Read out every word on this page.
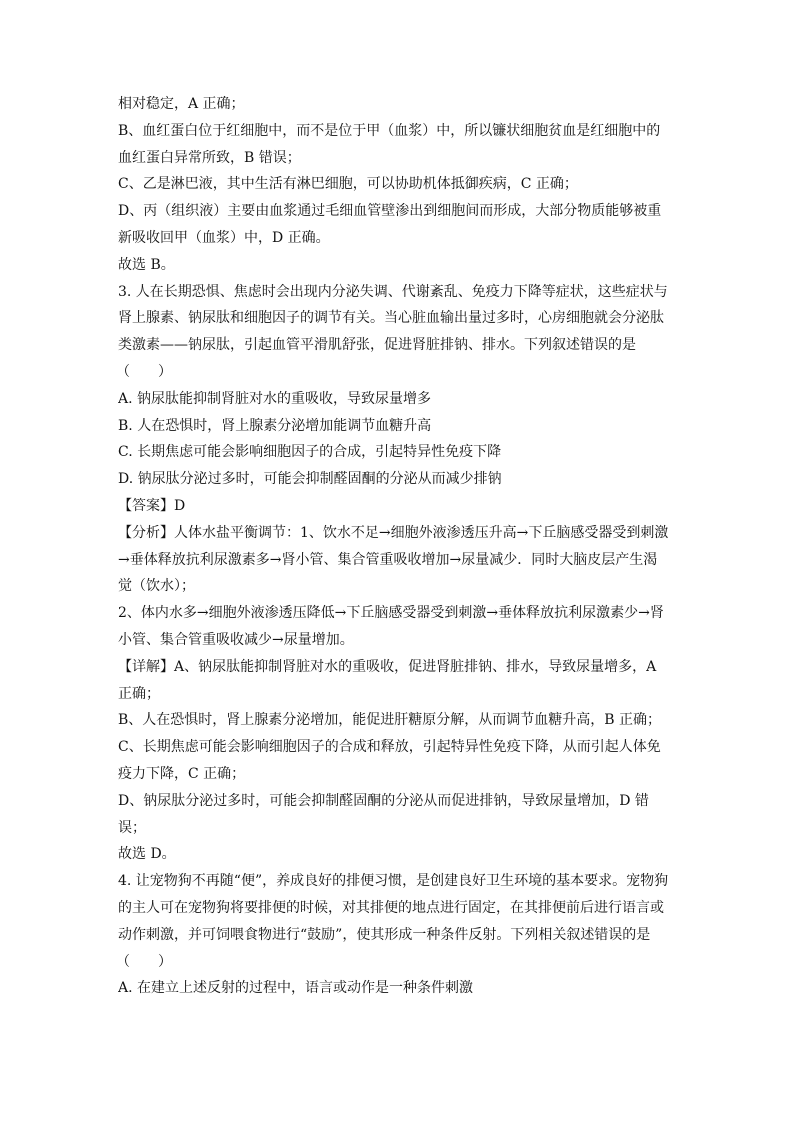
相对稳定，A 正确；
B、血红蛋白位于红细胞中，而不是位于甲（血浆）中，所以镰状细胞贫血是红细胞中的
血红蛋白异常所致，B 错误；
C、乙是淋巴液，其中生活有淋巴细胞，可以协助机体抵御疾病，C 正确；
D、丙（组织液）主要由血浆通过毛细血管壁渗出到细胞间而形成，大部分物质能够被重
新吸收回甲（血浆）中，D 正确。
故选 B。
3. 人在长期恐惧、焦虑时会出现内分泌失调、代谢紊乱、免疫力下降等症状，这些症状与
肾上腺素、钠尿肽和细胞因子的调节有关。当心脏血输出量过多时，心房细胞就会分泌肽
类激素——钠尿肽，引起血管平滑肌舒张，促进肾脏排钠、排水。下列叙述错误的是
（　　）
A. 钠尿肽能抑制肾脏对水的重吸收，导致尿量增多
B. 人在恐惧时，肾上腺素分泌增加能调节血糖升高
C. 长期焦虑可能会影响细胞因子的合成，引起特异性免疫下降
D. 钠尿肽分泌过多时，可能会抑制醛固酮的分泌从而减少排钠
【答案】D
【分析】人体水盐平衡调节：1、饮水不足→细胞外液渗透压升高→下丘脑感受器受到刺激
→垂体释放抗利尿激素多→肾小管、集合管重吸收增加→尿量减少．同时大脑皮层产生渴
觉（饮水）；
2、体内水多→细胞外液渗透压降低→下丘脑感受器受到刺激→垂体释放抗利尿激素少→肾
小管、集合管重吸收减少→尿量增加。
【详解】A、钠尿肽能抑制肾脏对水的重吸收，促进肾脏排钠、排水，导致尿量增多，A
正确；
B、人在恐惧时，肾上腺素分泌增加，能促进肝糖原分解，从而调节血糖升高，B 正确；
C、长期焦虑可能会影响细胞因子的合成和释放，引起特异性免疫下降，从而引起人体免
疫力下降，C 正确；
D、钠尿肽分泌过多时，可能会抑制醛固酮的分泌从而促进排钠，导致尿量增加，D 错
误；
故选 D。
4. 让宠物狗不再随“便”，养成良好的排便习惯，是创建良好卫生环境的基本要求。宠物狗
的主人可在宠物狗将要排便的时候，对其排便的地点进行固定，在其排便前后进行语言或
动作刺激，并可饲喂食物进行“鼓励”，使其形成一种条件反射。下列相关叙述错误的是
（　　）
A. 在建立上述反射的过程中，语言或动作是一种条件刺激
